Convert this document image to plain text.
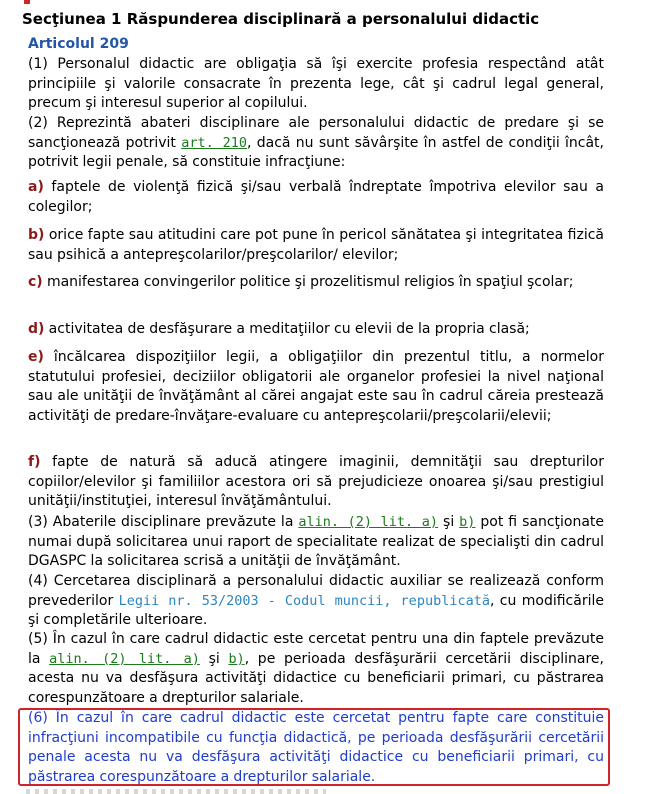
Secţiunea 1 Răspunderea disciplinară a personalului didactic
Articolul 209
(1) Personalul didactic are obligaţia să îşi exercite profesia respectând atât principiile şi valorile consacrate în prezenta lege, cât şi cadrul legal general, precum şi interesul superior al copilului.
(2) Reprezintă abateri disciplinare ale personalului didactic de predare şi se sancţionează potrivit art. 210, dacă nu sunt săvârşite în astfel de condiţii încât, potrivit legii penale, să constituie infracţiune:
a) faptele de violenţă fizică şi/sau verbală îndreptate împotriva elevilor sau a colegilor;
b) orice fapte sau atitudini care pot pune în pericol sănătatea şi integritatea fizică sau psihică a antepreşcolarilor/preşcolarilor/ elevilor;
c) manifestarea convingerilor politice şi prozelitismul religios în spaţiul şcolar;
d) activitatea de desfăşurare a meditaţiilor cu elevii de la propria clasă;
e) încălcarea dispoziţiilor legii, a obligaţiilor din prezentul titlu, a normelor statutului profesiei, deciziilor obligatorii ale organelor profesiei la nivel naţional sau ale unităţii de învăţământ al cărei angajat este sau în cadrul căreia prestează activităţi de predare-învăţare-evaluare cu antepreşcolarii/preşcolarii/elevii;
f) fapte de natură să aducă atingere imaginii, demnităţii sau drepturilor copiilor/elevilor şi familiilor acestora ori să prejudicieze onoarea şi/sau prestigiul unităţii/instituţiei, interesul învăţământului.
(3) Abaterile disciplinare prevăzute la alin. (2) lit. a) şi b) pot fi sancţionate numai după solicitarea unui raport de specialitate realizat de specialişti din cadrul DGASPC la solicitarea scrisă a unităţii de învăţământ.
(4) Cercetarea disciplinară a personalului didactic auxiliar se realizează conform prevederilor Legii nr. 53/2003 - Codul muncii, republicată, cu modificările şi completările ulterioare.
(5) În cazul în care cadrul didactic este cercetat pentru una din faptele prevăzute la alin. (2) lit. a) şi b), pe perioada desfăşurării cercetării disciplinare, acesta nu va desfăşura activităţi didactice cu beneficiarii primari, cu păstrarea corespunzătoare a drepturilor salariale.
(6) În cazul în care cadrul didactic este cercetat pentru fapte care constituie infracţiuni incompatibile cu funcţia didactică, pe perioada desfăşurării cercetării penale acesta nu va desfăşura activităţi didactice cu beneficiarii primari, cu păstrarea corespunzătoare a drepturilor salariale.
